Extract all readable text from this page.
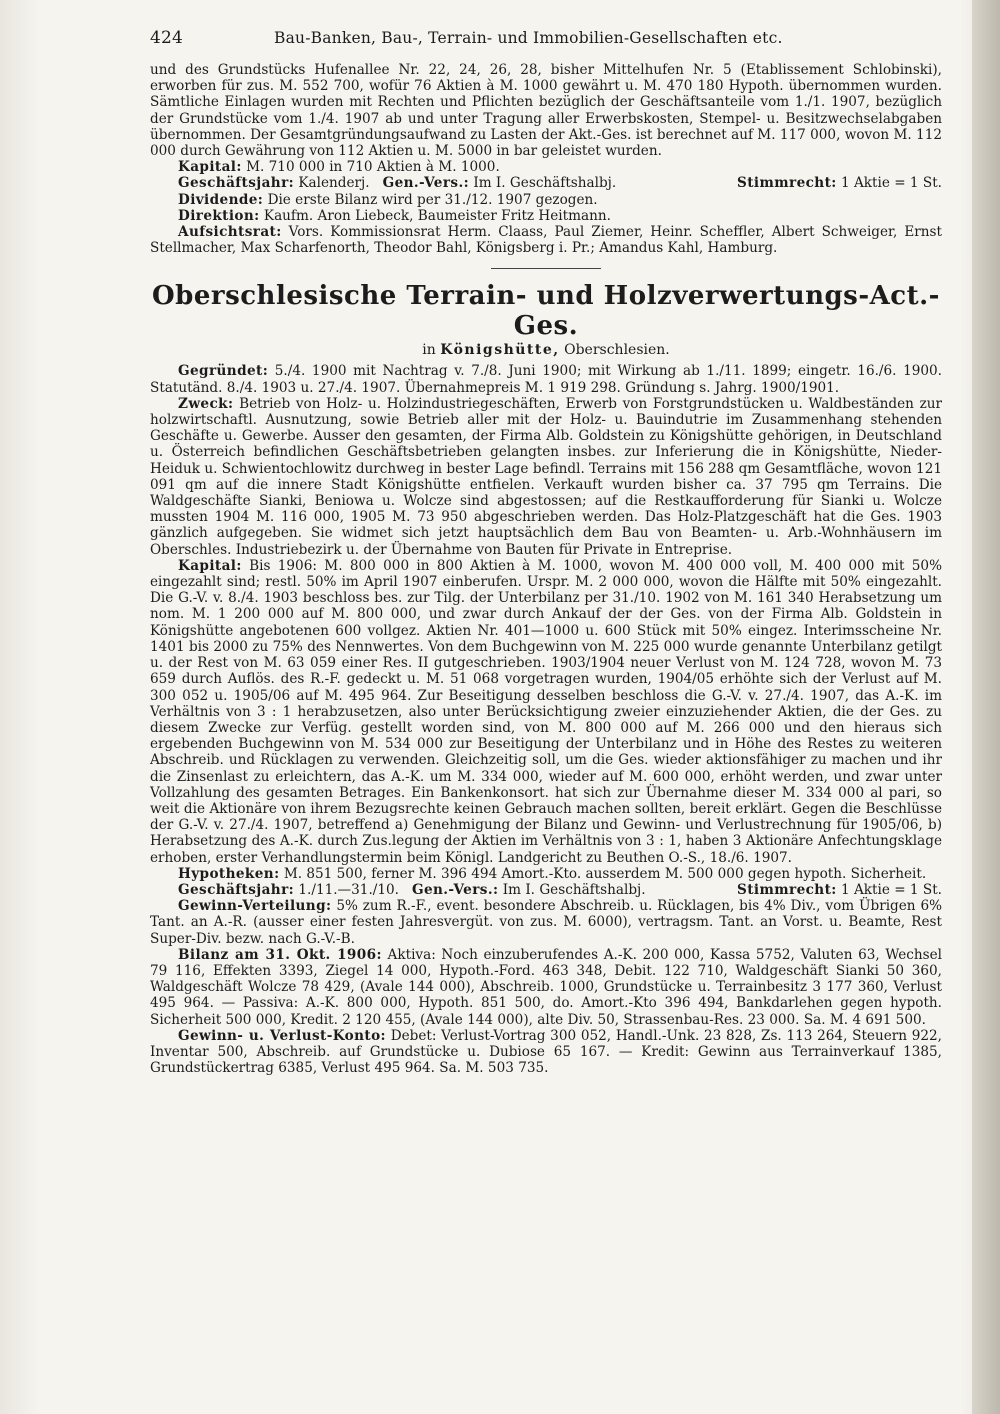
424	Bau-Banken, Bau-, Terrain- und Immobilien-Gesellschaften etc.

und des Grundstücks Hufenallee Nr. 22, 24, 26, 28, bisher Mittelhufen Nr. 5 (Etablissement Schlobinski), erworben für zus. M. 552 700, wofür 76 Aktien à M. 1000 gewährt u. M. 470 180 Hypoth. übernommen wurden. Sämtliche Einlagen wurden mit Rechten und Pflichten bezüglich der Geschäftsanteile vom 1./1. 1907, bezüglich der Grundstücke vom 1./4. 1907 ab und unter Tragung aller Erwerbskosten, Stempel- u. Besitzwechselabgaben übernommen. Der Gesamtgründungsaufwand zu Lasten der Akt.-Ges. ist berechnet auf M. 117 000, wovon M. 112 000 durch Gewährung von 112 Aktien u. M. 5000 in bar geleistet wurden.

Kapital: M. 710 000 in 710 Aktien à M. 1000.

Geschäftsjahr: Kalenderj. Gen.-Vers.: Im I. Geschäftshalbj.	Stimmrecht: 1 Aktie = 1 St.

Dividende: Die erste Bilanz wird per 31./12. 1907 gezogen.

Direktion: Kaufm. Aron Liebeck, Baumeister Fritz Heitmann.

Aufsichtsrat: Vors. Kommissionsrat Herm. Claass, Paul Ziemer, Heinr. Scheffler, Albert Schweiger, Ernst Stellmacher, Max Scharfenorth, Theodor Bahl, Königsberg i. Pr.; Amandus Kahl, Hamburg.

Oberschlesische Terrain- und Holzverwertungs-Act.-Ges.
in Königshütte, Oberschlesien.

Gegründet: 5./4. 1900 mit Nachtrag v. 7./8. Juni 1900; mit Wirkung ab 1./11. 1899; eingetr. 16./6. 1900. Statutänd. 8./4. 1903 u. 27./4. 1907. Übernahmepreis M. 1 919 298. Gründung s. Jahrg. 1900/1901.

Zweck: Betrieb von Holz- u. Holzindustriegeschäften, Erwerb von Forstgrundstücken u. Waldbeständen zur holzwirtschaftl. Ausnutzung, sowie Betrieb aller mit der Holz- u. Bauindutrie im Zusammenhang stehenden Geschäfte u. Gewerbe. Ausser den gesamten, der Firma Alb. Goldstein zu Königshütte gehörigen, in Deutschland u. Österreich befindlichen Geschäftsbetrieben gelangten insbes. zur Inferierung die in Königshütte, Nieder-Heiduk u. Schwientochlowitz durchweg in bester Lage befindl. Terrains mit 156 288 qm Gesamtfläche, wovon 121 091 qm auf die innere Stadt Königshütte entfielen. Verkauft wurden bisher ca. 37 795 qm Terrains. Die Waldgeschäfte Sianki, Beniowa u. Wolcze sind abgestossen; auf die Restkaufforderung für Sianki u. Wolcze mussten 1904 M. 116 000, 1905 M. 73 950 abgeschrieben werden. Das Holz-Platzgeschäft hat die Ges. 1903 gänzlich aufgegeben. Sie widmet sich jetzt hauptsächlich dem Bau von Beamten- u. Arb.-Wohnhäusern im Oberschles. Industriebezirk u. der Übernahme von Bauten für Private in Entreprise.

Kapital: Bis 1906: M. 800 000 in 800 Aktien à M. 1000, wovon M. 400 000 voll, M. 400 000 mit 50% eingezahlt sind; restl. 50% im April 1907 einberufen. Urspr. M. 2 000 000, wovon die Hälfte mit 50% eingezahlt. Die G.-V. v. 8./4. 1903 beschloss bes. zur Tilg. der Unterbilanz per 31./10. 1902 von M. 161 340 Herabsetzung um nom. M. 1 200 000 auf M. 800 000, und zwar durch Ankauf der der Ges. von der Firma Alb. Goldstein in Königshütte angebotenen 600 vollgez. Aktien Nr. 401—1000 u. 600 Stück mit 50% eingez. Interimsscheine Nr. 1401 bis 2000 zu 75% des Nennwertes. Von dem Buchgewinn von M. 225 000 wurde genannte Unterbilanz getilgt u. der Rest von M. 63 059 einer Res. II gutgeschrieben. 1903/1904 neuer Verlust von M. 124 728, wovon M. 73 659 durch Auflös. des R.-F. gedeckt u. M. 51 068 vorgetragen wurden, 1904/05 erhöhte sich der Verlust auf M. 300 052 u. 1905/06 auf M. 495 964. Zur Beseitigung desselben beschloss die G.-V. v. 27./4. 1907, das A.-K. im Verhältnis von 3 : 1 herabzusetzen, also unter Berücksichtigung zweier einzuziehender Aktien, die der Ges. zu diesem Zwecke zur Verfüg. gestellt worden sind, von M. 800 000 auf M. 266 000 und den hieraus sich ergebenden Buchgewinn von M. 534 000 zur Beseitigung der Unterbilanz und in Höhe des Restes zu weiteren Abschreib. und Rücklagen zu verwenden. Gleichzeitig soll, um die Ges. wieder aktionsfähiger zu machen und ihr die Zinsenlast zu erleichtern, das A.-K. um M. 334 000, wieder auf M. 600 000, erhöht werden, und zwar unter Vollzahlung des gesamten Betrages. Ein Bankenkonsort. hat sich zur Übernahme dieser M. 334 000 al pari, so weit die Aktionäre von ihrem Bezugsrechte keinen Gebrauch machen sollten, bereit erklärt. Gegen die Beschlüsse der G.-V. v. 27./4. 1907, betreffend a) Genehmigung der Bilanz und Gewinn- und Verlustrechnung für 1905/06, b) Herabsetzung des A.-K. durch Zus.legung der Aktien im Verhältnis von 3 : 1, haben 3 Aktionäre Anfechtungsklage erhoben, erster Verhandlungstermin beim Königl. Landgericht zu Beuthen O.-S., 18./6. 1907.

Hypotheken: M. 851 500, ferner M. 396 494 Amort.-Kto. ausserdem M. 500 000 gegen hypoth. Sicherheit.

Geschäftsjahr: 1./11.—31./10. Gen.-Vers.: Im I. Geschäftshalbj.	Stimmrecht: 1 Aktie = 1 St.

Gewinn-Verteilung: 5% zum R.-F., event. besondere Abschreib. u. Rücklagen, bis 4% Div., vom Übrigen 6% Tant. an A.-R. (ausser einer festen Jahresvergüt. von zus. M. 6000), vertragsm. Tant. an Vorst. u. Beamte, Rest Super-Div. bezw. nach G.-V.-B.

Bilanz am 31. Okt. 1906: Aktiva: Noch einzuberufendes A.-K. 200 000, Kassa 5752, Valuten 63, Wechsel 79 116, Effekten 3393, Ziegel 14 000, Hypoth.-Ford. 463 348, Debit. 122 710, Waldgeschäft Sianki 50 360, Waldgeschäft Wolcze 78 429, (Avale 144 000), Abschreib. 1000, Grundstücke u. Terrainbesitz 3 177 360, Verlust 495 964. — Passiva: A.-K. 800 000, Hypoth. 851 500, do. Amort.-Kto 396 494, Bankdarlehen gegen hypoth. Sicherheit 500 000, Kredit. 2 120 455, (Avale 144 000), alte Div. 50, Strassenbau-Res. 23 000. Sa. M. 4 691 500.

Gewinn- u. Verlust-Konto: Debet: Verlust-Vortrag 300 052, Handl.-Unk. 23 828, Zs. 113 264, Steuern 922, Inventar 500, Abschreib. auf Grundstücke u. Dubiose 65 167. — Kredit: Gewinn aus Terrainverkauf 1385, Grundstückertrag 6385, Verlust 495 964. Sa. M. 503 735.
